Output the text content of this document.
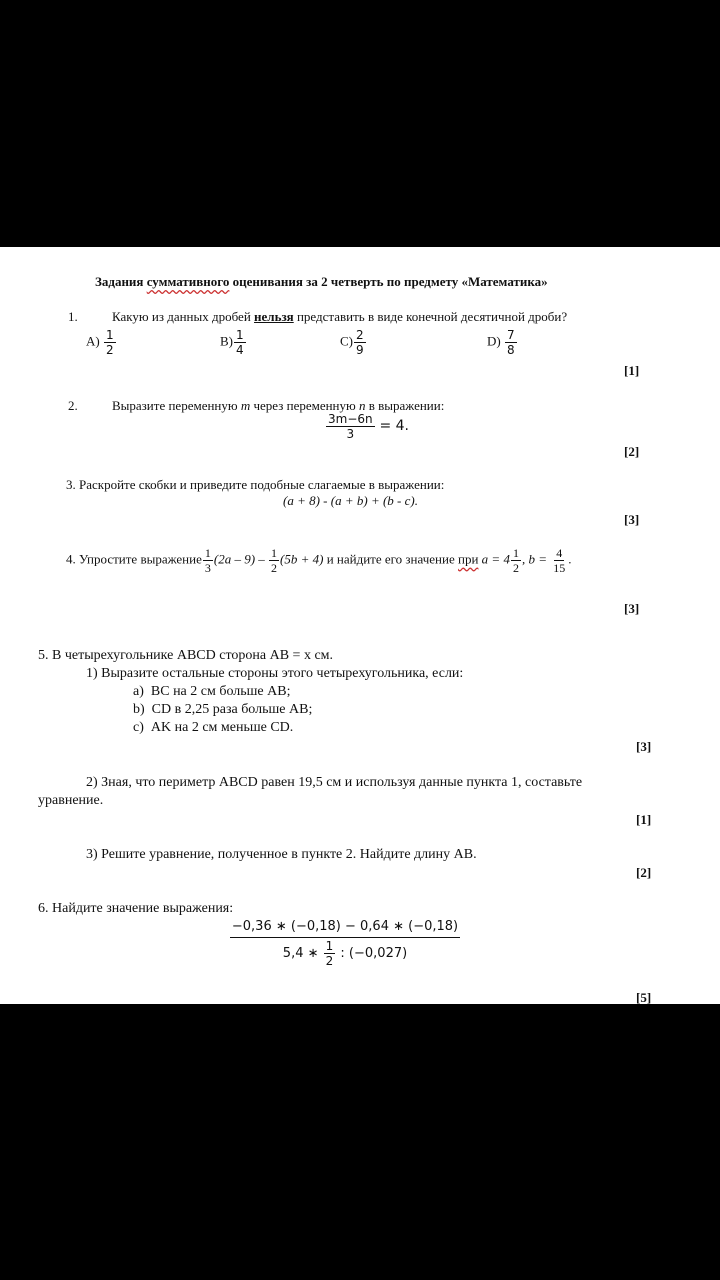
Задания суммативного оценивания за 2 четверть по предмету «Математика»
1.	Какую из данных дробей нельзя представить в виде конечной десятичной дроби?
$A) \frac{1}{2}$	$B) \frac{1}{4}$	$C) \frac{2}{9}$	$D) \frac{7}{8}$
[1]
2.	Выразите переменную m через переменную n в выражении:
$\frac{3m-6n}{3} = 4$.
[2]
3. Раскройте скобки и приведите подобные слагаемые в выражении:
(a + 8) - (a + b) + (b - c).
[3]
4. Упростите выражение $\frac{1}{3} (2a - 9) - \frac{1}{2} (5b + 4)$ и найдите его значение при $a = 4 \frac{1}{2}$ , $b = \frac{4}{15}$ .
[3]
5. В четырехугольнике ABCD сторона AB = x см.
1) Выразите остальные стороны этого четырехугольника, если:
a) BC на 2 см больше AB;
b) CD в 2,25 раза больше AB;
c) AK на 2 см меньше CD.
[3]
2) Зная, что периметр ABCD равен 19,5 см и используя данные пункта 1, составьте
уравнение.
[1]
3) Решите уравнение, полученное в пункте 2. Найдите длину AB.
[2]
6. Найдите значение выражения:
$\frac{-0,36 ∗ (-0,18) - 0,64 ∗ (-0,18)}{5,4 ∗ \frac{1}{2} : (-0,027)}$
[5]
